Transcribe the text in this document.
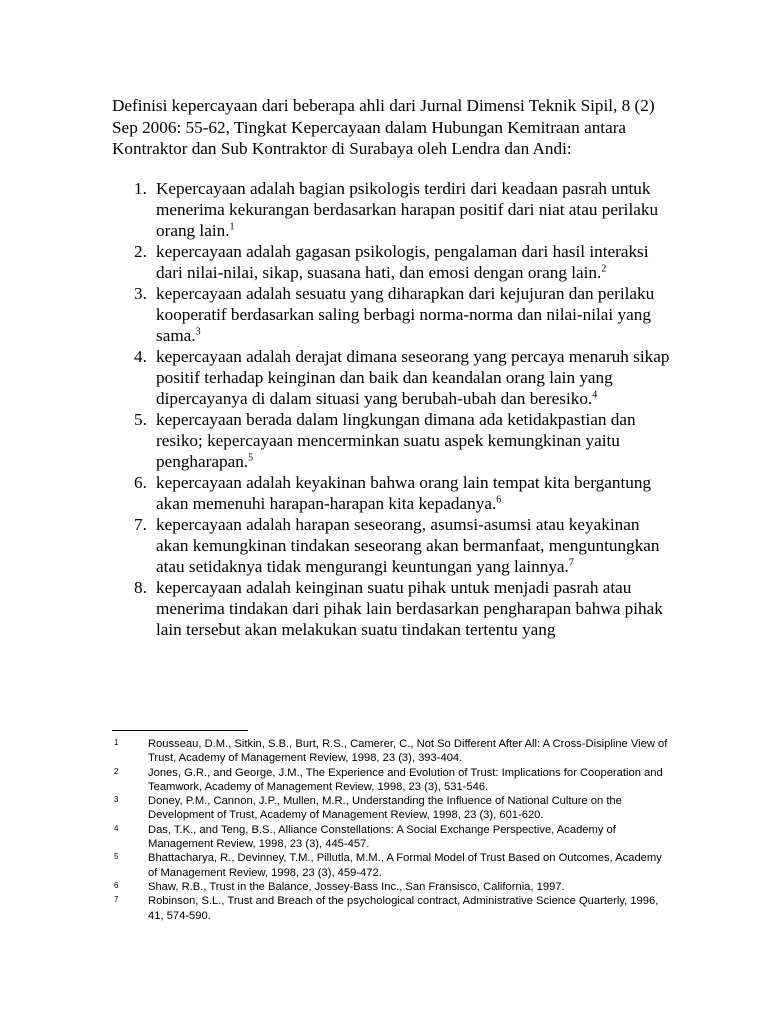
Definisi kepercayaan dari beberapa ahli dari Jurnal Dimensi Teknik Sipil, 8 (2) Sep 2006: 55-62, Tingkat Kepercayaan dalam Hubungan Kemitraan antara Kontraktor dan Sub Kontraktor di Surabaya oleh Lendra dan Andi:

1. Kepercayaan adalah bagian psikologis terdiri dari keadaan pasrah untuk menerima kekurangan berdasarkan harapan positif dari niat atau perilaku orang lain.$^1$
2. kepercayaan adalah gagasan psikologis, pengalaman dari hasil interaksi dari nilai-nilai, sikap, suasana hati, dan emosi dengan orang lain.$^2$
3. kepercayaan adalah sesuatu yang diharapkan dari kejujuran dan perilaku kooperatif berdasarkan saling berbagi norma-norma dan nilai-nilai yang sama.$^3$
4. kepercayaan adalah derajat dimana seseorang yang percaya menaruh sikap positif terhadap keinginan dan baik dan keandalan orang lain yang dipercayanya di dalam situasi yang berubah-ubah dan beresiko.$^4$
5. kepercayaan berada dalam lingkungan dimana ada ketidakpastian dan resiko; kepercayaan mencerminkan suatu aspek kemungkinan yaitu pengharapan.$^5$
6. kepercayaan adalah keyakinan bahwa orang lain tempat kita bergantung akan memenuhi harapan-harapan kita kepadanya.$^6$
7. kepercayaan adalah harapan seseorang, asumsi-asumsi atau keyakinan akan kemungkinan tindakan seseorang akan bermanfaat, menguntungkan atau setidaknya tidak mengurangi keuntungan yang lainnya.$^7$
8. kepercayaan adalah keinginan suatu pihak untuk menjadi pasrah atau menerima tindakan dari pihak lain berdasarkan pengharapan bahwa pihak lain tersebut akan melakukan suatu tindakan tertentu yang
1	Rousseau, D.M., Sitkin, S.B., Burt, R.S., Camerer, C., Not So Different After All: A Cross-Disipline View of Trust, Academy of Management Review, 1998, 23 (3), 393-404.
2	Jones, G.R., and George, J.M., The Experience and Evolution of Trust: Implications for Cooperation and Teamwork, Academy of Management Review, 1998, 23 (3), 531-546.
3	Doney, P.M., Cannon, J.P., Mullen, M.R., Understanding the Influence of National Culture on the Development of Trust, Academy of Management Review, 1998, 23 (3), 601-620.
4	Das, T.K., and Teng, B.S., Alliance Constellations: A Social Exchange Perspective, Academy of Management Review, 1998, 23 (3), 445-457.
5	Bhattacharya, R., Devinney, T.M., Pillutla, M.M., A Formal Model of Trust Based on Outcomes, Academy of Management Review, 1998, 23 (3), 459-472.
6	Shaw, R.B., Trust in the Balance, Jossey-Bass Inc., San Fransisco, California, 1997.
7	Robinson, S.L., Trust and Breach of the psychological contract, Administrative Science Quarterly, 1996, 41, 574-590.
